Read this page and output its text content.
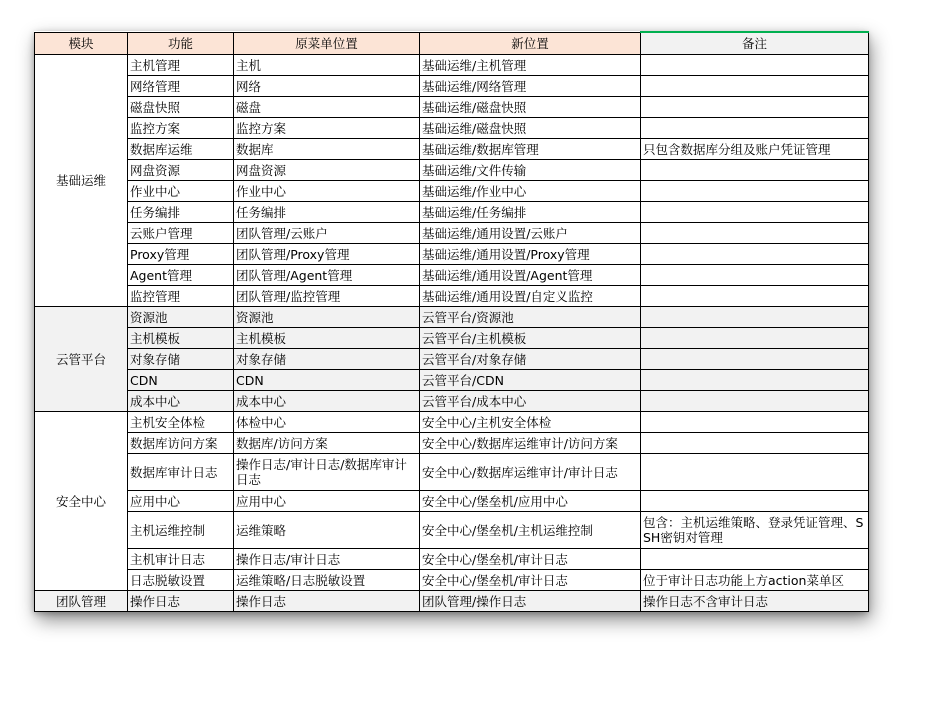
模块	功能	原菜单位置	新位置	备注
基础运维	主机管理	主机	基础运维/主机管理	
	网络管理	网络	基础运维/网络管理	
	磁盘快照	磁盘	基础运维/磁盘快照	
	监控方案	监控方案	基础运维/磁盘快照	
	数据库运维	数据库	基础运维/数据库管理	只包含数据库分组及账户凭证管理
	网盘资源	网盘资源	基础运维/文件传输	
	作业中心	作业中心	基础运维/作业中心	
	任务编排	任务编排	基础运维/任务编排	
	云账户管理	团队管理/云账户	基础运维/通用设置/云账户	
	Proxy管理	团队管理/Proxy管理	基础运维/通用设置/Proxy管理	
	Agent管理	团队管理/Agent管理	基础运维/通用设置/Agent管理	
	监控管理	团队管理/监控管理	基础运维/通用设置/自定义监控	
云管平台	资源池	资源池	云管平台/资源池	
	主机模板	主机模板	云管平台/主机模板	
	对象存储	对象存储	云管平台/对象存储	
	CDN	CDN	云管平台/CDN	
	成本中心	成本中心	云管平台/成本中心	
安全中心	主机安全体检	体检中心	安全中心/主机安全体检	
	数据库访问方案	数据库/访问方案	安全中心/数据库运维审计/访问方案	
	数据库审计日志	操作日志/审计日志/数据库审计日志	安全中心/数据库运维审计/审计日志	
	应用中心	应用中心	安全中心/堡垒机/应用中心	
	主机运维控制	运维策略	安全中心/堡垒机/主机运维控制	包含：主机运维策略、登录凭证管理、SSH密钥对管理
	主机审计日志	操作日志/审计日志	安全中心/堡垒机/审计日志	
	日志脱敏设置	运维策略/日志脱敏设置	安全中心/堡垒机/审计日志	位于审计日志功能上方action菜单区
团队管理	操作日志	操作日志	团队管理/操作日志	操作日志不含审计日志
